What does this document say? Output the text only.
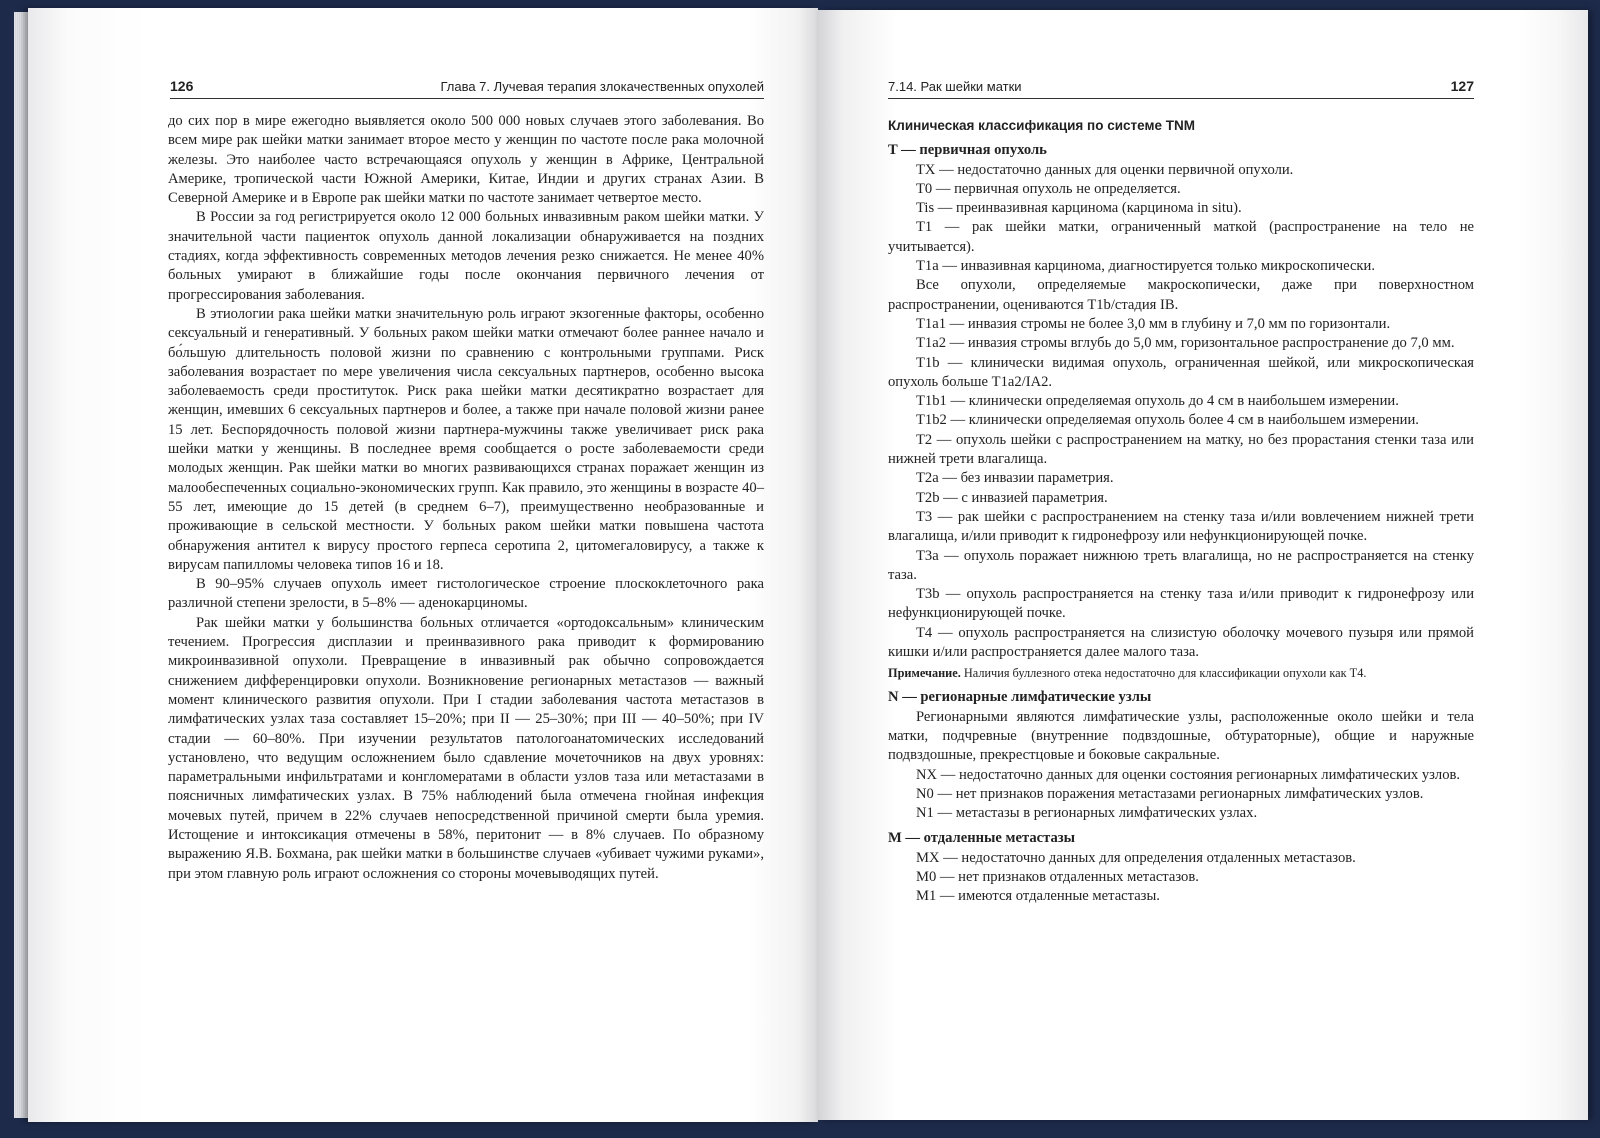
126	Глава 7. Лучевая терапия злокачественных опухолей	7.14. Рак шейки матки	127

до сих пор в мире ежегодно выявляется около 500 000 новых случаев этого заболевания. Во всем мире рак шейки матки занимает второе место у женщин по частоте после рака молочной железы. Это наиболее часто встречающаяся опухоль у женщин в Африке, Центральной Америке, тропической части Южной Америки, Китае, Индии и других странах Азии. В Северной Америке и в Европе рак шейки матки по частоте занимает четвертое место.

В России за год регистрируется около 12 000 больных инвазивным раком шейки матки. У значительной части пациенток опухоль данной локализации обнаруживается на поздних стадиях, когда эффективность современных методов лечения резко снижается. Не менее 40% больных умирают в ближайшие годы после окончания первичного лечения от прогрессирования заболевания.

В этиологии рака шейки матки значительную роль играют экзогенные факторы, особенно сексуальный и генеративный. У больных раком шейки матки отмечают более раннее начало и бо́льшую длительность половой жизни по сравнению с контрольными группами. Риск заболевания возрастает по мере увеличения числа сексуальных партнеров, особенно высока заболеваемость среди проституток. Риск рака шейки матки десятикратно возрастает для женщин, имевших 6 сексуальных партнеров и более, а также при начале половой жизни ранее 15 лет. Беспорядочность половой жизни партнера-мужчины также увеличивает риск рака шейки матки у женщины. В последнее время сообщается о росте заболеваемости среди молодых женщин. Рак шейки матки во многих развивающихся странах поражает женщин из малообеспеченных социально-экономических групп. Как правило, это женщины в возрасте 40–55 лет, имеющие до 15 детей (в среднем 6–7), преимущественно необразованные и проживающие в сельской местности. У больных раком шейки матки повышена частота обнаружения антител к вирусу простого герпеса серотипа 2, цитомегаловирусу, а также к вирусам папилломы человека типов 16 и 18.

В 90–95% случаев опухоль имеет гистологическое строение плоскоклеточного рака различной степени зрелости, в 5–8% — аденокарциномы.

Рак шейки матки у большинства больных отличается «ортодоксальным» клиническим течением. Прогрессия дисплазии и преинвазивного рака приводит к формированию микроинвазивной опухоли. Превращение в инвазивный рак обычно сопровождается снижением дифференцировки опухоли. Возникновение регионарных метастазов — важный момент клинического развития опухоли. При I стадии заболевания частота метастазов в лимфатических узлах таза составляет 15–20%; при II — 25–30%; при III — 40–50%; при IV стадии — 60–80%. При изучении результатов патологоанатомических исследований установлено, что ведущим осложнением было сдавление мочеточников на двух уровнях: параметральными инфильтратами и конгломератами в области узлов таза или метастазами в поясничных лимфатических узлах. В 75% наблюдений была отмечена гнойная инфекция мочевых путей, причем в 22% случаев непосредственной причиной смерти была уремия. Истощение и интоксикация отмечены в 58%, перитонит — в 8% случаев. По образному выражению Я.В. Бохмана, рак шейки матки в большинстве случаев «убивает чужими руками», при этом главную роль играют осложнения со стороны мочевыводящих путей.

Клиническая классификация по системе TNM

T — первичная опухоль

TX — недостаточно данных для оценки первичной опухоли.

T0 — первичная опухоль не определяется.

Tis — преинвазивная карцинома (карцинома in situ).

T1 — рак шейки матки, ограниченный маткой (распространение на тело не учитывается).

T1a — инвазивная карцинома, диагностируется только микроскопически.

Все опухоли, определяемые макроскопически, даже при поверхностном распространении, оцениваются T1b/стадия IB.

T1a1 — инвазия стромы не более 3,0 мм в глубину и 7,0 мм по горизонтали.

T1a2 — инвазия стромы вглубь до 5,0 мм, горизонтальное распространение до 7,0 мм.

T1b — клинически видимая опухоль, ограниченная шейкой, или микроскопическая опухоль больше T1a2/IA2.

T1b1 — клинически определяемая опухоль до 4 см в наибольшем измерении.

T1b2 — клинически определяемая опухоль более 4 см в наибольшем измерении.

T2 — опухоль шейки с распространением на матку, но без прорастания стенки таза или нижней трети влагалища.

T2a — без инвазии параметрия.

T2b — с инвазией параметрия.

T3 — рак шейки с распространением на стенку таза и/или вовлечением нижней трети влагалища, и/или приводит к гидронефрозу или нефункционирующей почке.

T3a — опухоль поражает нижнюю треть влагалища, но не распространяется на стенку таза.

T3b — опухоль распространяется на стенку таза и/или приводит к гидронефрозу или нефункционирующей почке.

T4 — опухоль распространяется на слизистую оболочку мочевого пузыря или прямой кишки и/или распространяется далее малого таза.

Примечание. Наличия буллезного отека недостаточно для классификации опухоли как T4.

N — регионарные лимфатические узлы

Регионарными являются лимфатические узлы, расположенные около шейки и тела матки, подчревные (внутренние подвздошные, обтураторные), общие и наружные подвздошные, прекрестцовые и боковые сакральные.

NX — недостаточно данных для оценки состояния регионарных лимфатических узлов.

N0 — нет признаков поражения метастазами регионарных лимфатических узлов.

N1 — метастазы в регионарных лимфатических узлах.

M — отдаленные метастазы

MX — недостаточно данных для определения отдаленных метастазов.

M0 — нет признаков отдаленных метастазов.

M1 — имеются отдаленные метастазы.
